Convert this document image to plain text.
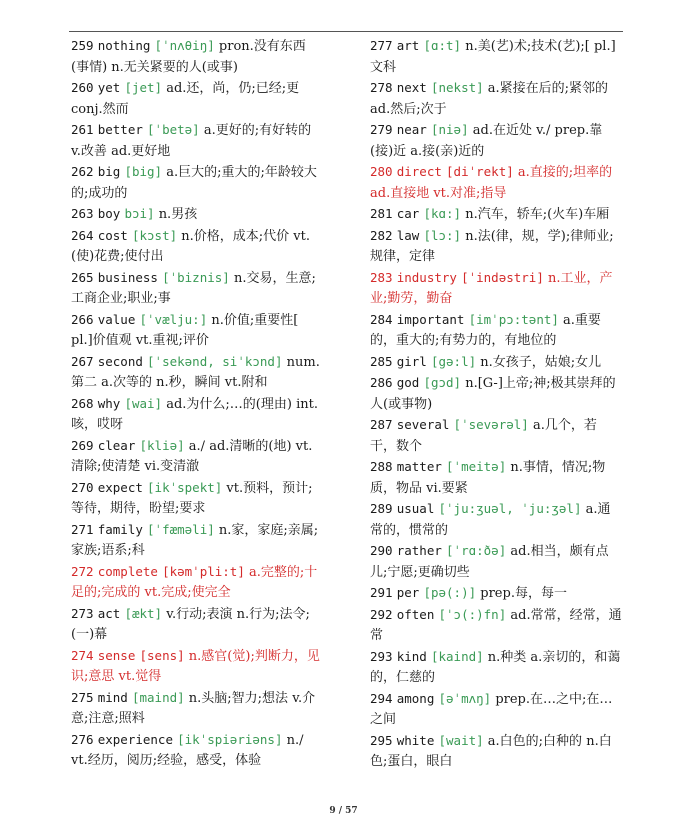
259 nothing [ˈnʌθiŋ] pron.没有东西(事情) n.无关紧要的人(或事)
260 yet [jet] ad.还，尚，仍;已经;更 conj.然而
261 better [ˈbetə] a.更好的;有好转的 v.改善 ad.更好地
262 big [big] a.巨大的;重大的;年龄较大的;成功的
263 boy bɔi] n.男孩
264 cost [kɔst] n.价格，成本;代价 vt.(使)花费;使付出
265 business [ˈbiznis] n.交易，生意;工商企业;职业;事
266 value [ˈvælju:] n.价值;重要性[ pl.]价值观 vt.重视;评价
267 second [ˈsekənd, siˈkɔnd] num.第二 a.次等的 n.秒，瞬间 vt.附和
268 why [wai] ad.为什么;…的(理由) int.咳，哎呀
269 clear [kliə] a./ ad.清晰的(地) vt.清除;使清楚 vi.变清澈
270 expect [ikˈspekt] vt.预料，预计;等待，期待，盼望;要求
271 family [ˈfæməli] n.家，家庭;亲属;家族;语系;科
272 complete [kəmˈpli:t] a.完整的;十足的;完成的 vt.完成;使完全
273 act [ækt] v.行动;表演 n.行为;法令;(一)幕
274 sense [sens] n.感官(觉);判断力，见识;意思 vt.觉得
275 mind [maind] n.头脑;智力;想法 v.介意;注意;照料
276 experience [ikˈspiəriəns] n./ vt.经历，阅历;经验，感受，体验
277 art [ɑ:t] n.美(艺)术;技术(艺);[ pl.]文科
278 next [nekst] a.紧接在后的;紧邻的 ad.然后;次于
279 near [niə] ad.在近处 v./ prep.靠(接)近 a.接(亲)近的
280 direct [diˈrekt] a.直接的;坦率的 ad.直接地 vt.对准;指导
281 car [kɑ:] n.汽车，轿车;(火车)车厢
282 law [lɔ:] n.法(律，规，学);律师业;规律，定律
283 industry [ˈindəstri] n.工业，产业;勤劳，勤奋
284 important [imˈpɔ:tənt] a.重要的，重大的;有势力的，有地位的
285 girl [gə:l] n.女孩子，姑娘;女儿
286 god [gɔd] n.[G-]上帝;神;极其崇拜的人(或事物)
287 several [ˈsevərəl] a.几个，若干，数个
288 matter [ˈmeitə] n.事情，情况;物质，物品 vi.要紧
289 usual [ˈju:ʒuəl, ˈju:ʒəl] a.通常的，惯常的
290 rather [ˈrɑ:ðə] ad.相当，颇有点儿;宁愿;更确切些
291 per [pə(:)] prep.每，每一
292 often [ˈɔ(:)fn] ad.常常，经常，通常
293 kind [kaind] n.种类 a.亲切的，和蔼的，仁慈的
294 among [əˈmʌŋ] prep.在…之中;在…之间
295 white [wait] a.白色的;白种的 n.白色;蛋白，眼白
9 / 57
